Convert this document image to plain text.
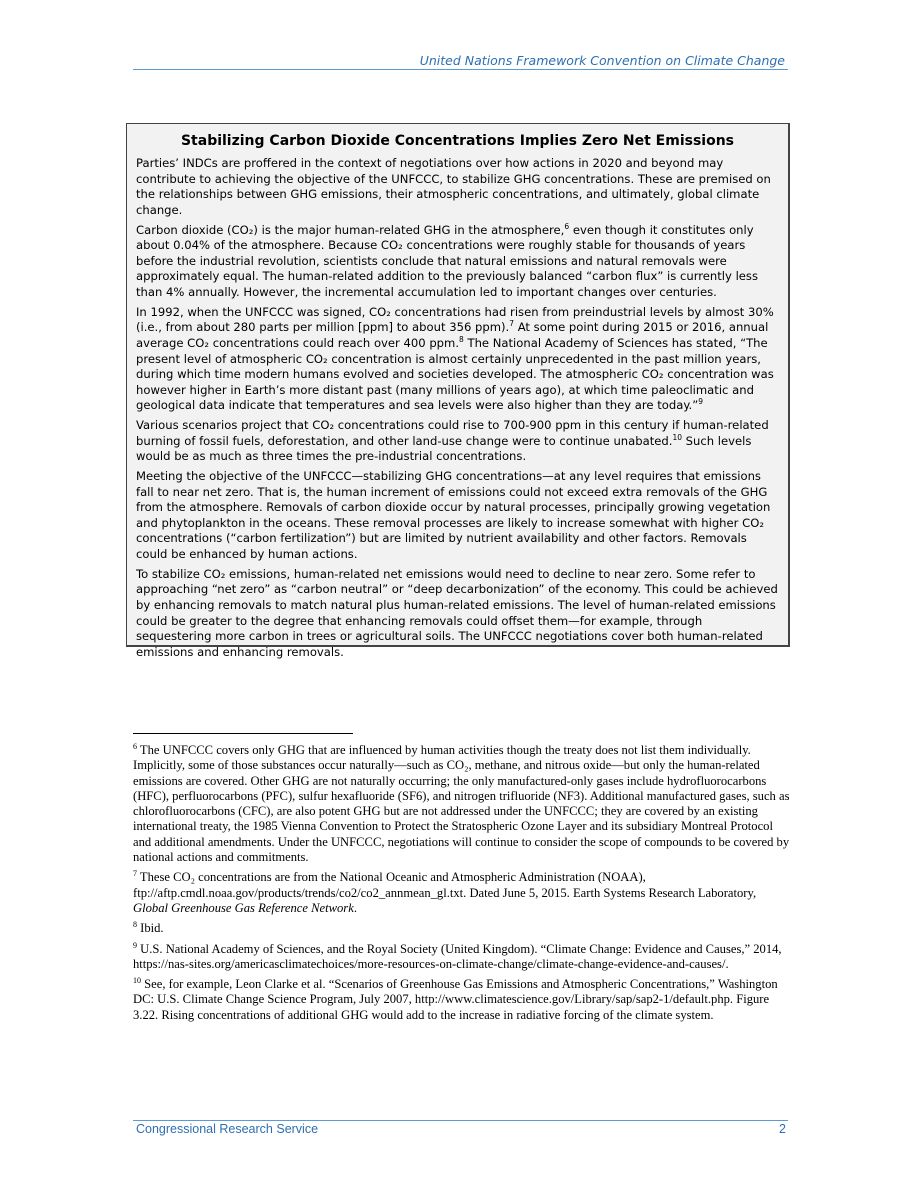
United Nations Framework Convention on Climate Change
Stabilizing Carbon Dioxide Concentrations Implies Zero Net Emissions

Parties’ INDCs are proffered in the context of negotiations over how actions in 2020 and beyond may contribute to achieving the objective of the UNFCCC, to stabilize GHG concentrations. These are premised on the relationships between GHG emissions, their atmospheric concentrations, and ultimately, global climate change.

Carbon dioxide (CO₂) is the major human-related GHG in the atmosphere,$^6$ even though it constitutes only about 0.04% of the atmosphere. Because CO₂ concentrations were roughly stable for thousands of years before the industrial revolution, scientists conclude that natural emissions and natural removals were approximately equal. The human-related addition to the previously balanced “carbon flux” is currently less than 4% annually. However, the incremental accumulation led to important changes over centuries.

In 1992, when the UNFCCC was signed, CO₂ concentrations had risen from preindustrial levels by almost 30% (i.e., from about 280 parts per million [ppm] to about 356 ppm).$^7$ At some point during 2015 or 2016, annual average CO₂ concentrations could reach over 400 ppm.$^8$ The National Academy of Sciences has stated, “The present level of atmospheric CO₂ concentration is almost certainly unprecedented in the past million years, during which time modern humans evolved and societies developed. The atmospheric CO₂ concentration was however higher in Earth’s more distant past (many millions of years ago), at which time paleoclimatic and geological data indicate that temperatures and sea levels were also higher than they are today.”$^9$

Various scenarios project that CO₂ concentrations could rise to 700-900 ppm in this century if human-related burning of fossil fuels, deforestation, and other land-use change were to continue unabated.$^{10}$ Such levels would be as much as three times the pre-industrial concentrations.

Meeting the objective of the UNFCCC—stabilizing GHG concentrations—at any level requires that emissions fall to near net zero. That is, the human increment of emissions could not exceed extra removals of the GHG from the atmosphere. Removals of carbon dioxide occur by natural processes, principally growing vegetation and phytoplankton in the oceans. These removal processes are likely to increase somewhat with higher CO₂ concentrations (“carbon fertilization”) but are limited by nutrient availability and other factors. Removals could be enhanced by human actions.

To stabilize CO₂ emissions, human-related net emissions would need to decline to near zero. Some refer to approaching “net zero” as “carbon neutral” or “deep decarbonization” of the economy. This could be achieved by enhancing removals to match natural plus human-related emissions. The level of human-related emissions could be greater to the degree that enhancing removals could offset them—for example, through sequestering more carbon in trees or agricultural soils. The UNFCCC negotiations cover both human-related emissions and enhancing removals.

$^6$ The UNFCCC covers only GHG that are influenced by human activities though the treaty does not list them individually. Implicitly, some of those substances occur naturally—such as CO₂, methane, and nitrous oxide—but only the human-related emissions are covered. Other GHG are not naturally occurring; the only manufactured-only gases include hydrofluorocarbons (HFC), perfluorocarbons (PFC), sulfur hexafluoride (SF6), and nitrogen trifluoride (NF3). Additional manufactured gases, such as chlorofluorocarbons (CFC), are also potent GHG but are not addressed under the UNFCCC; they are covered by an existing international treaty, the 1985 Vienna Convention to Protect the Stratospheric Ozone Layer and its subsidiary Montreal Protocol and additional amendments. Under the UNFCCC, negotiations will continue to consider the scope of compounds to be covered by national actions and commitments.

$^7$ These CO₂ concentrations are from the National Oceanic and Atmospheric Administration (NOAA), ftp://aftp.cmdl.noaa.gov/products/trends/co2/co2_annmean_gl.txt. Dated June 5, 2015. Earth Systems Research Laboratory, Global Greenhouse Gas Reference Network.

$^8$ Ibid.

$^9$ U.S. National Academy of Sciences, and the Royal Society (United Kingdom). “Climate Change: Evidence and Causes,” 2014, https://nas-sites.org/americasclimatechoices/more-resources-on-climate-change/climate-change-evidence-and-causes/.

$^{10}$ See, for example, Leon Clarke et al. “Scenarios of Greenhouse Gas Emissions and Atmospheric Concentrations,” Washington DC: U.S. Climate Change Science Program, July 2007, http://www.climatescience.gov/Library/sap/sap2-1/default.php. Figure 3.22. Rising concentrations of additional GHG would add to the increase in radiative forcing of the climate system.

Congressional Research Service	2
